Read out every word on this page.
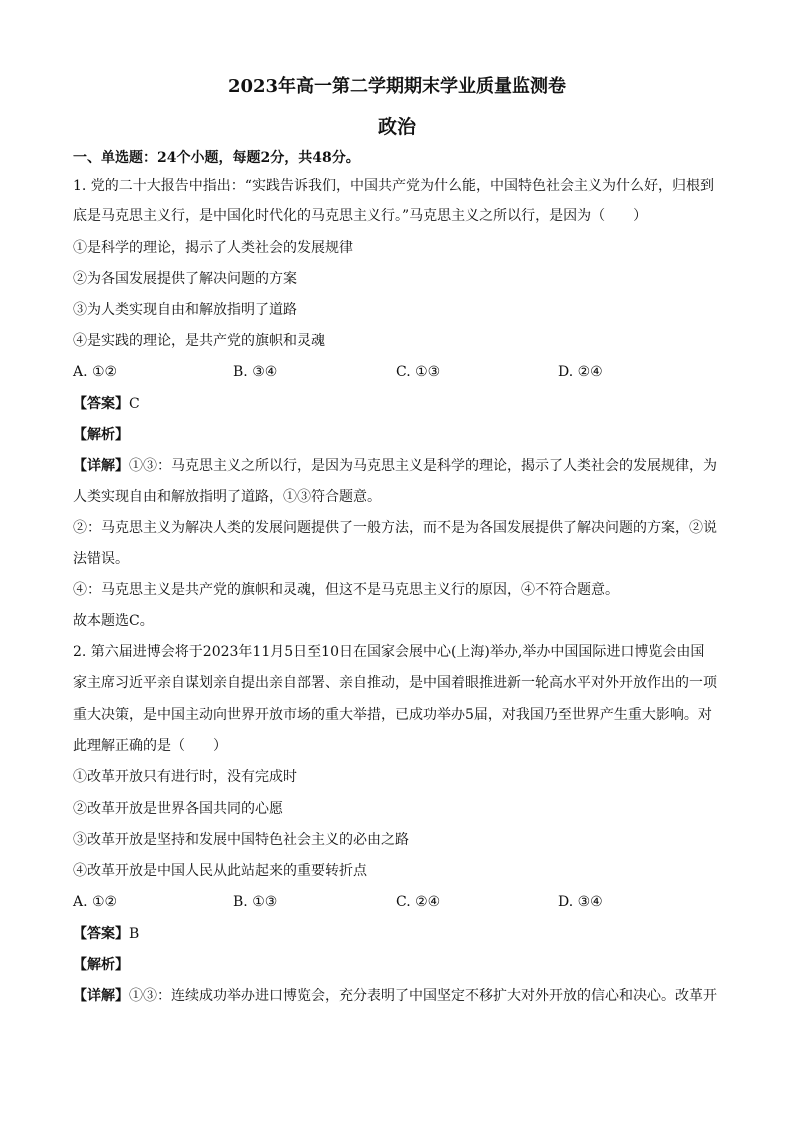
2023年高一第二学期期末学业质量监测卷
政治
一、单选题：24个小题，每题2分，共48分。
1. 党的二十大报告中指出：“实践告诉我们，中国共产党为什么能，中国特色社会主义为什么好，归根到
底是马克思主义行，是中国化时代化的马克思主义行。”马克思主义之所以行，是因为（　　）
①是科学的理论，揭示了人类社会的发展规律
②为各国发展提供了解决问题的方案
③为人类实现自由和解放指明了道路
④是实践的理论，是共产党的旗帜和灵魂
A. ①②	B. ③④	C. ①③	D. ②④
【答案】C
【解析】
【详解】①③：马克思主义之所以行，是因为马克思主义是科学的理论，揭示了人类社会的发展规律，为
人类实现自由和解放指明了道路，①③符合题意。
②：马克思主义为解决人类的发展问题提供了一般方法，而不是为各国发展提供了解决问题的方案，②说
法错误。
④：马克思主义是共产党的旗帜和灵魂，但这不是马克思主义行的原因，④不符合题意。
故本题选C。
2. 第六届进博会将于2023年11月5日至10日在国家会展中心(上海)举办,举办中国国际进口博览会由国
家主席习近平亲自谋划亲自提出亲自部署、亲自推动，是中国着眼推进新一轮高水平对外开放作出的一项
重大决策，是中国主动向世界开放市场的重大举措，已成功举办5届，对我国乃至世界产生重大影响。对
此理解正确的是（　　）
①改革开放只有进行时，没有完成时
②改革开放是世界各国共同的心愿
③改革开放是坚持和发展中国特色社会主义的必由之路
④改革开放是中国人民从此站起来的重要转折点
A. ①②	B. ①③	C. ②④	D. ③④
【答案】B
【解析】
【详解】①③：连续成功举办进口博览会，充分表明了中国坚定不移扩大对外开放的信心和决心。改革开
